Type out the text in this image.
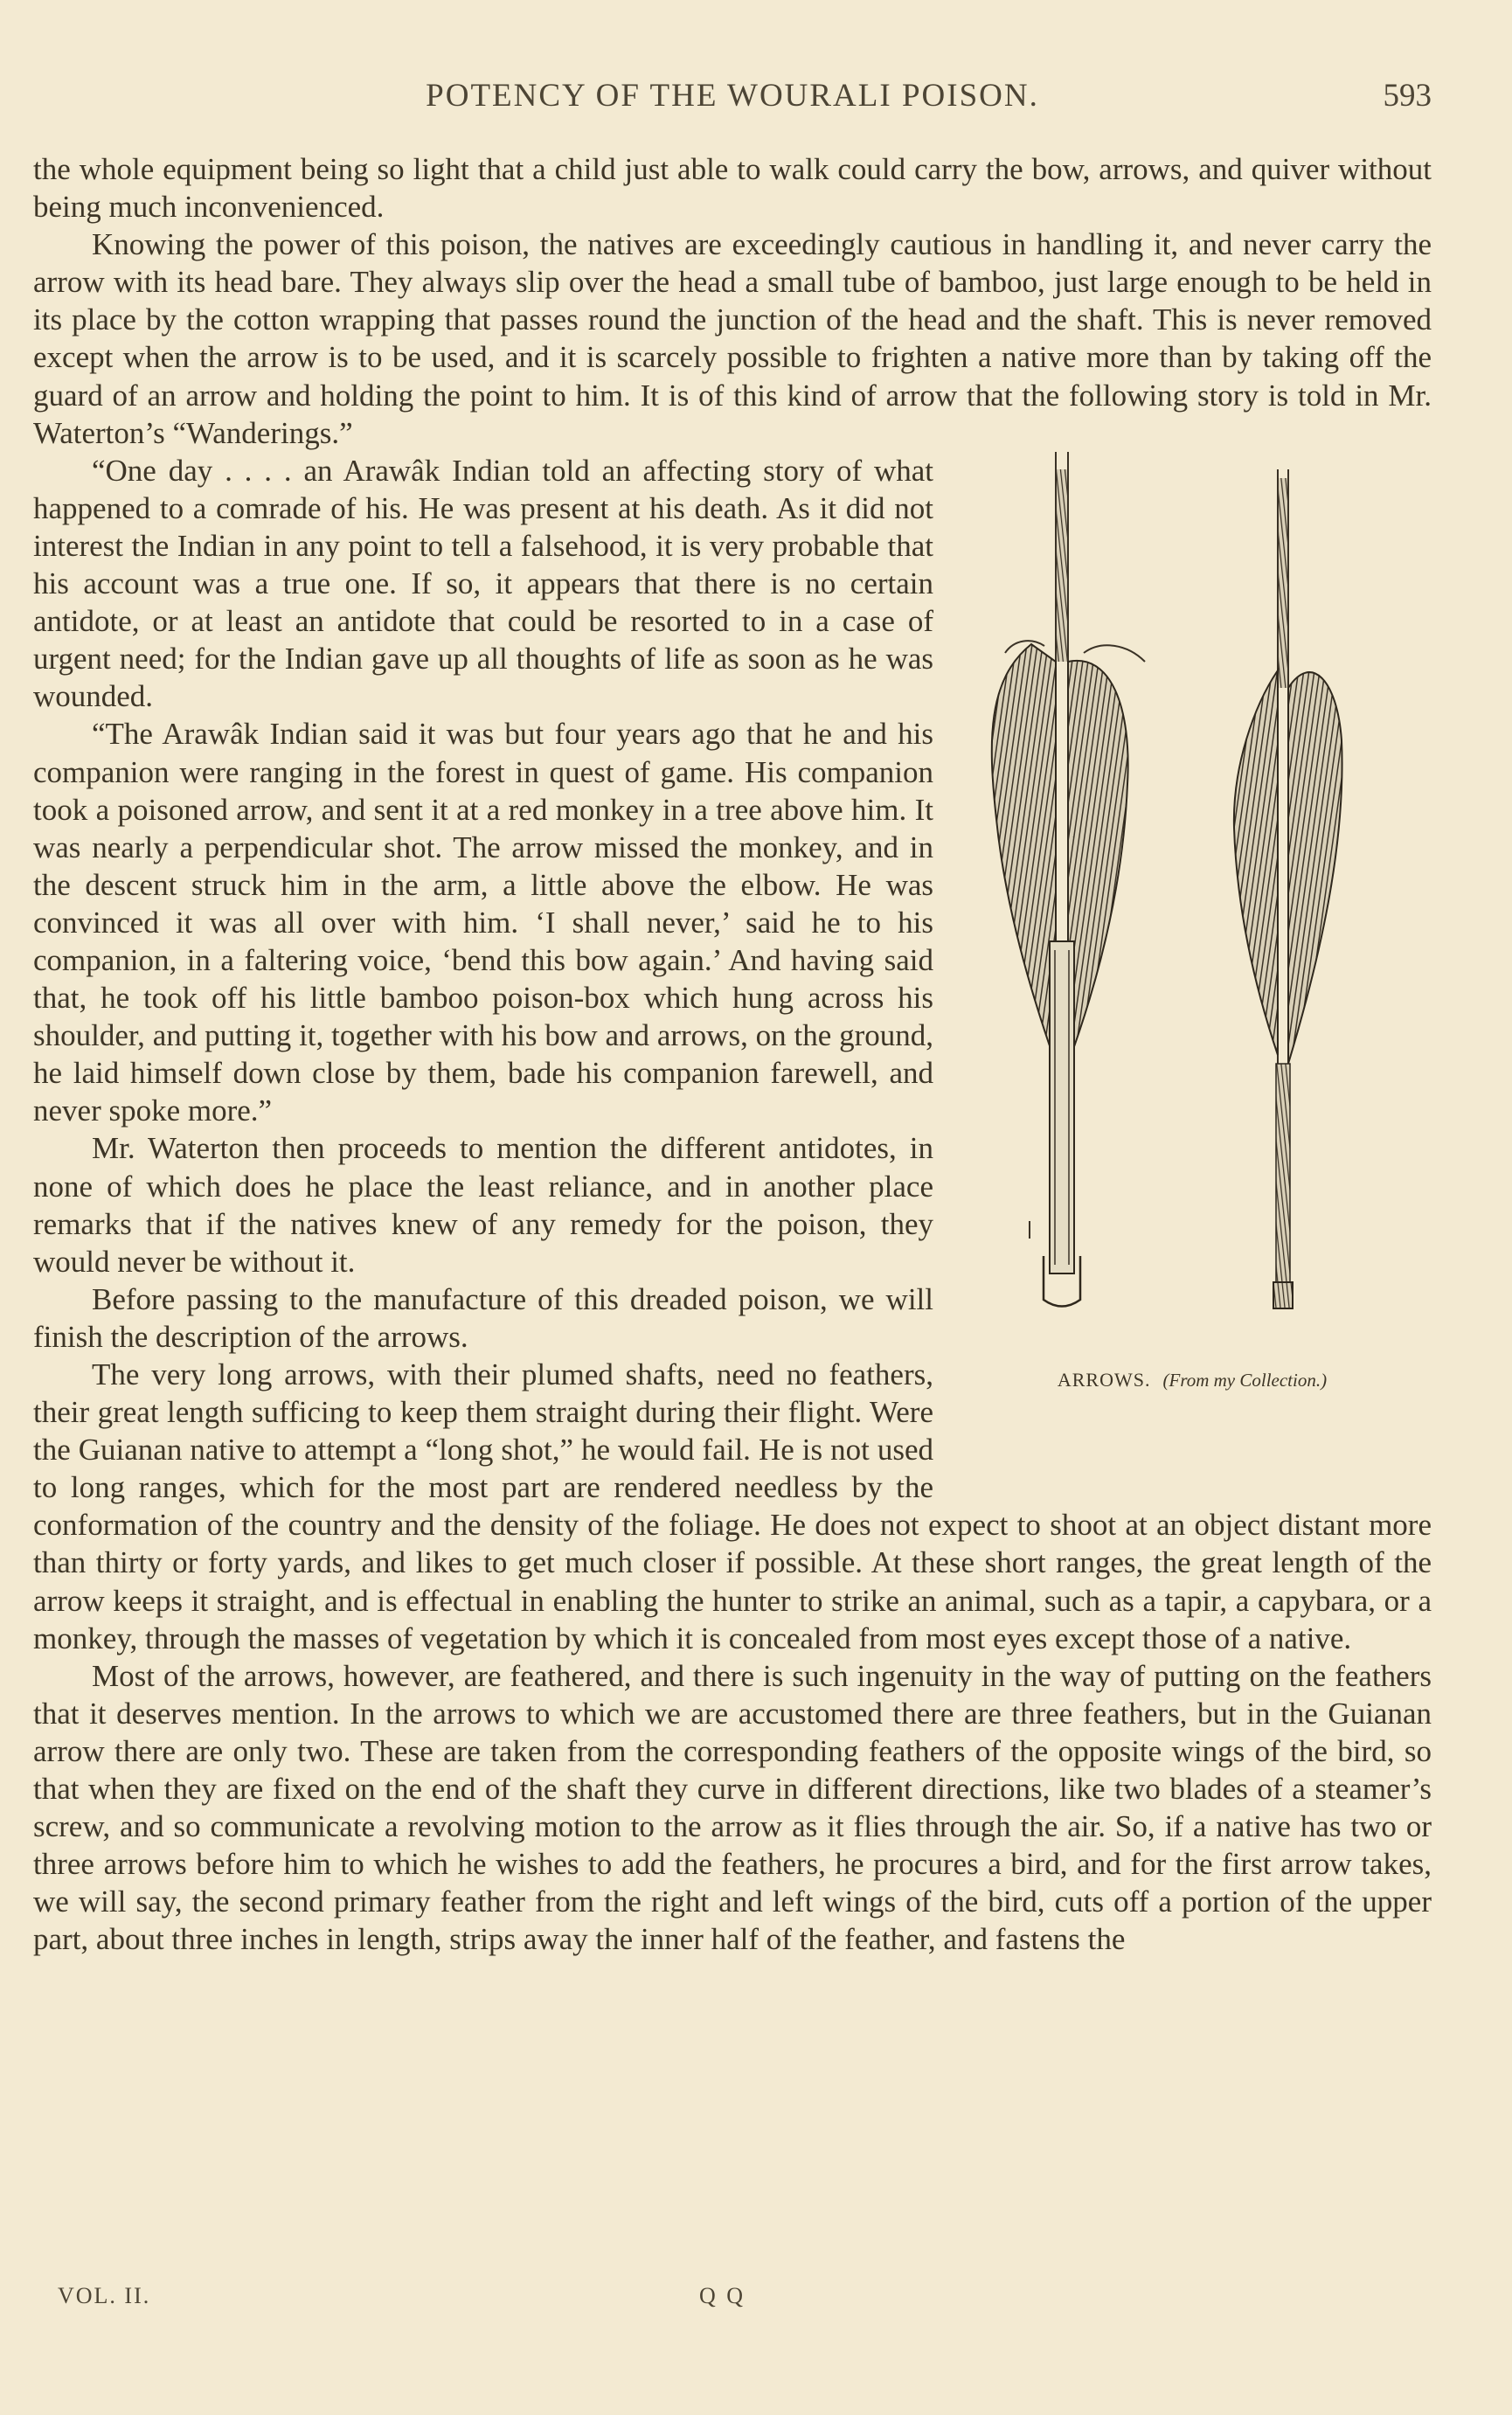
POTENCY OF THE WOURALI POISON.	593

the whole equipment being so light that a child just able to walk could carry the bow, arrows, and quiver without being much inconvenienced.

Knowing the power of this poison, the natives are exceedingly cautious in handling it, and never carry the arrow with its head bare. They always slip over the head a small tube of bamboo, just large enough to be held in its place by the cotton wrapping that passes round the junction of the head and the shaft. This is never removed except when the arrow is to be used, and it is scarcely possible to frighten a native more than by taking off the guard of an arrow and holding the point to him. It is of this kind of arrow that the following story is told in Mr. Waterton’s “Wanderings.”

ARROWS. (From my Collection.)

“One day . . . . an Arawâk Indian told an affecting story of what happened to a comrade of his. He was present at his death. As it did not interest the Indian in any point to tell a falsehood, it is very probable that his account was a true one. If so, it appears that there is no certain antidote, or at least an antidote that could be resorted to in a case of urgent need; for the Indian gave up all thoughts of life as soon as he was wounded.

“The Arawâk Indian said it was but four years ago that he and his companion were ranging in the forest in quest of game. His companion took a poisoned arrow, and sent it at a red monkey in a tree above him. It was nearly a perpendicular shot. The arrow missed the monkey, and in the descent struck him in the arm, a little above the elbow. He was convinced it was all over with him. ‘I shall never,’ said he to his companion, in a faltering voice, ‘bend this bow again.’ And having said that, he took off his little bamboo poison-box which hung across his shoulder, and putting it, together with his bow and arrows, on the ground, he laid himself down close by them, bade his companion farewell, and never spoke more.”

Mr. Waterton then proceeds to mention the different antidotes, in none of which does he place the least reliance, and in another place remarks that if the natives knew of any remedy for the poison, they would never be without it.

Before passing to the manufacture of this dreaded poison, we will finish the description of the arrows.

The very long arrows, with their plumed shafts, need no feathers, their great length sufficing to keep them straight during their flight. Were the Guianan native to attempt a “long shot,” he would fail. He is not used to long ranges, which for the most part are rendered needless by the conformation of the country and the density of the foliage. He does not expect to shoot at an object distant more than thirty or forty yards, and likes to get much closer if possible. At these short ranges, the great length of the arrow keeps it straight, and is effectual in enabling the hunter to strike an animal, such as a tapir, a capybara, or a monkey, through the masses of vegetation by which it is concealed from most eyes except those of a native.

Most of the arrows, however, are feathered, and there is such ingenuity in the way of putting on the feathers that it deserves mention. In the arrows to which we are accustomed there are three feathers, but in the Guianan arrow there are only two. These are taken from the corresponding feathers of the opposite wings of the bird, so that when they are fixed on the end of the shaft they curve in different directions, like two blades of a steamer’s screw, and so communicate a revolving motion to the arrow as it flies through the air. So, if a native has two or three arrows before him to which he wishes to add the feathers, he procures a bird, and for the first arrow takes, we will say, the second primary feather from the right and left wings of the bird, cuts off a portion of the upper part, about three inches in length, strips away the inner half of the feather, and fastens the

VOL. II.	Q Q
